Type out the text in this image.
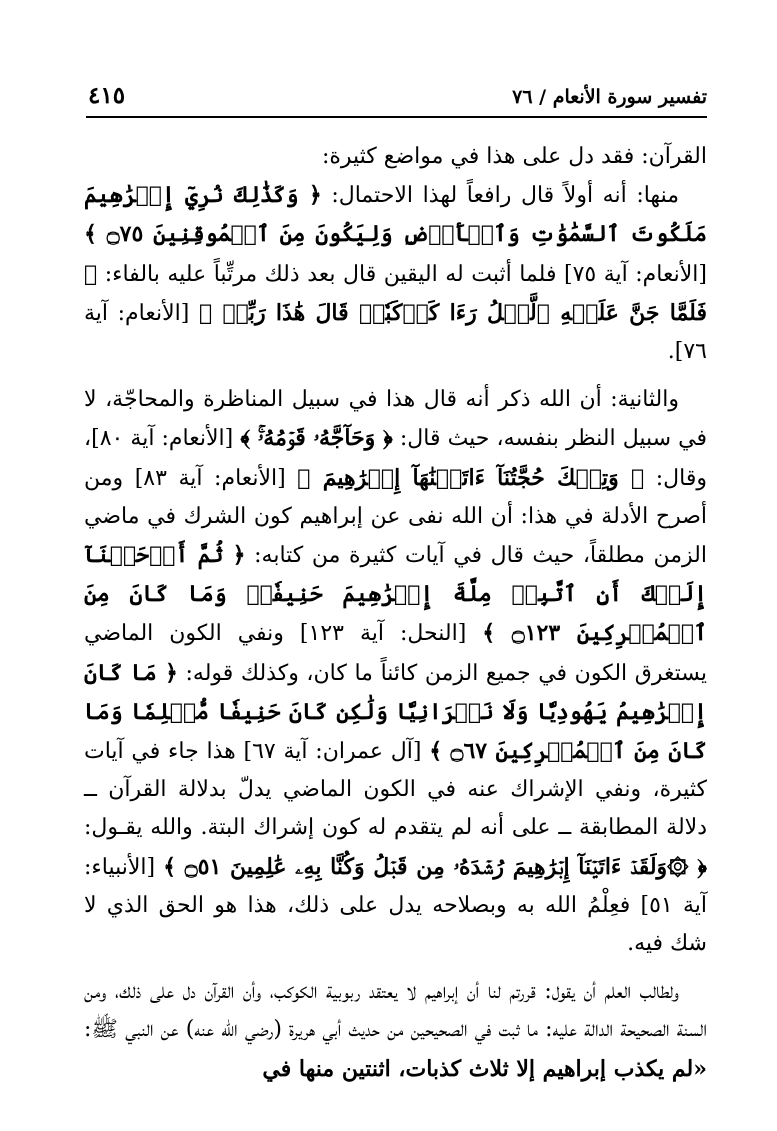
تفسير سورة الأنعام / ٧٦
٤١٥

القرآن: فقد دل على هذا في مواضع كثيرة:

منها: أنه أولاً قال رافعاً لهذا الاحتمال: ﴿ وَكَذَٰلِكَ نُرِيٓ إِبۡرَٰهِيمَ مَلَكُوتَ ٱلسَّمَٰوَٰتِ وَٱلۡأَرۡضِ وَلِيَكُونَ مِنَ ٱلۡمُوقِنِينَ ۝٧٥ ﴾ [الأنعام: آية ٧٥] فلما أثبت له اليقين قال بعد ذلك مرتِّباً عليه بالفاء: ﴿ فَلَمَّا جَنَّ عَلَيۡهِ ٱلَّيۡلُ رَءَا كَوۡكَبٗاۖ قَالَ هَٰذَا رَبِّيۖ ﴾ [الأنعام: آية ٧٦].

والثانية: أن الله ذكر أنه قال هذا في سبيل المناظرة والمحاجّة، لا في سبيل النظر بنفسه، حيث قال: ﴿ وَحَآجَّهُۥ قَوۡمُهُۥۚ ﴾ [الأنعام: آية ٨٠]، وقال: ﴿ وَتِلۡكَ حُجَّتُنَآ ءَاتَيۡنَٰهَآ إِبۡرَٰهِيمَ ﴾ [الأنعام: آية ٨٣] ومن أصرح الأدلة في هذا: أن الله نفى عن إبراهيم كون الشرك في ماضي الزمن مطلقاً، حيث قال في آيات كثيرة من كتابه: ﴿ ثُمَّ أَوۡحَيۡنَآ إِلَيۡكَ أَنِ ٱتَّبِعۡ مِلَّةَ إِبۡرَٰهِيمَ حَنِيفٗاۖ وَمَا كَانَ مِنَ ٱلۡمُشۡرِكِينَ ۝١٢٣ ﴾ [النحل: آية ١٢٣] ونفي الكون الماضي يستغرق الكون في جميع الزمن كائناً ما كان، وكذلك قوله: ﴿ مَا كَانَ إِبۡرَٰهِيمُ يَهُودِيّٗا وَلَا نَصۡرَانِيّٗا وَلَٰكِن كَانَ حَنِيفٗا مُّسۡلِمٗا وَمَا كَانَ مِنَ ٱلۡمُشۡرِكِينَ ۝٦٧ ﴾ [آل عمران: آية ٦٧] هذا جاء في آيات كثيرة، ونفي الإشراك عنه في الكون الماضي يدلّ بدلالة القرآن ــ دلالة المطابقة ــ على أنه لم يتقدم له كون إشراك البتة. والله يقـول: ﴿ ۞وَلَقَدۡ ءَاتَيۡنَآ إِبۡرَٰهِيمَ رُشۡدَهُۥ مِن قَبۡلُ وَكُنَّا بِهِۦ عَٰلِمِينَ ۝٥١ ﴾ [الأنبياء: آية ٥١] فعِلْمُ الله به وبصلاحه يدل على ذلك، هذا هو الحق الذي لا شك فيه.

ولطالب العلم أن يقول: قررتم لنا أن إبراهيم لا يعتقد ربوبية الكوكب، وأن القرآن دل على ذلك، ومن السنة الصحيحة الدالة عليه: ما ثبت في الصحيحين من حديث أبي هريرة (رضي الله عنه) عن النبي ﷺ: «لم يكذب إبراهيم إلا ثلاث كذبات، اثنتين منها في
